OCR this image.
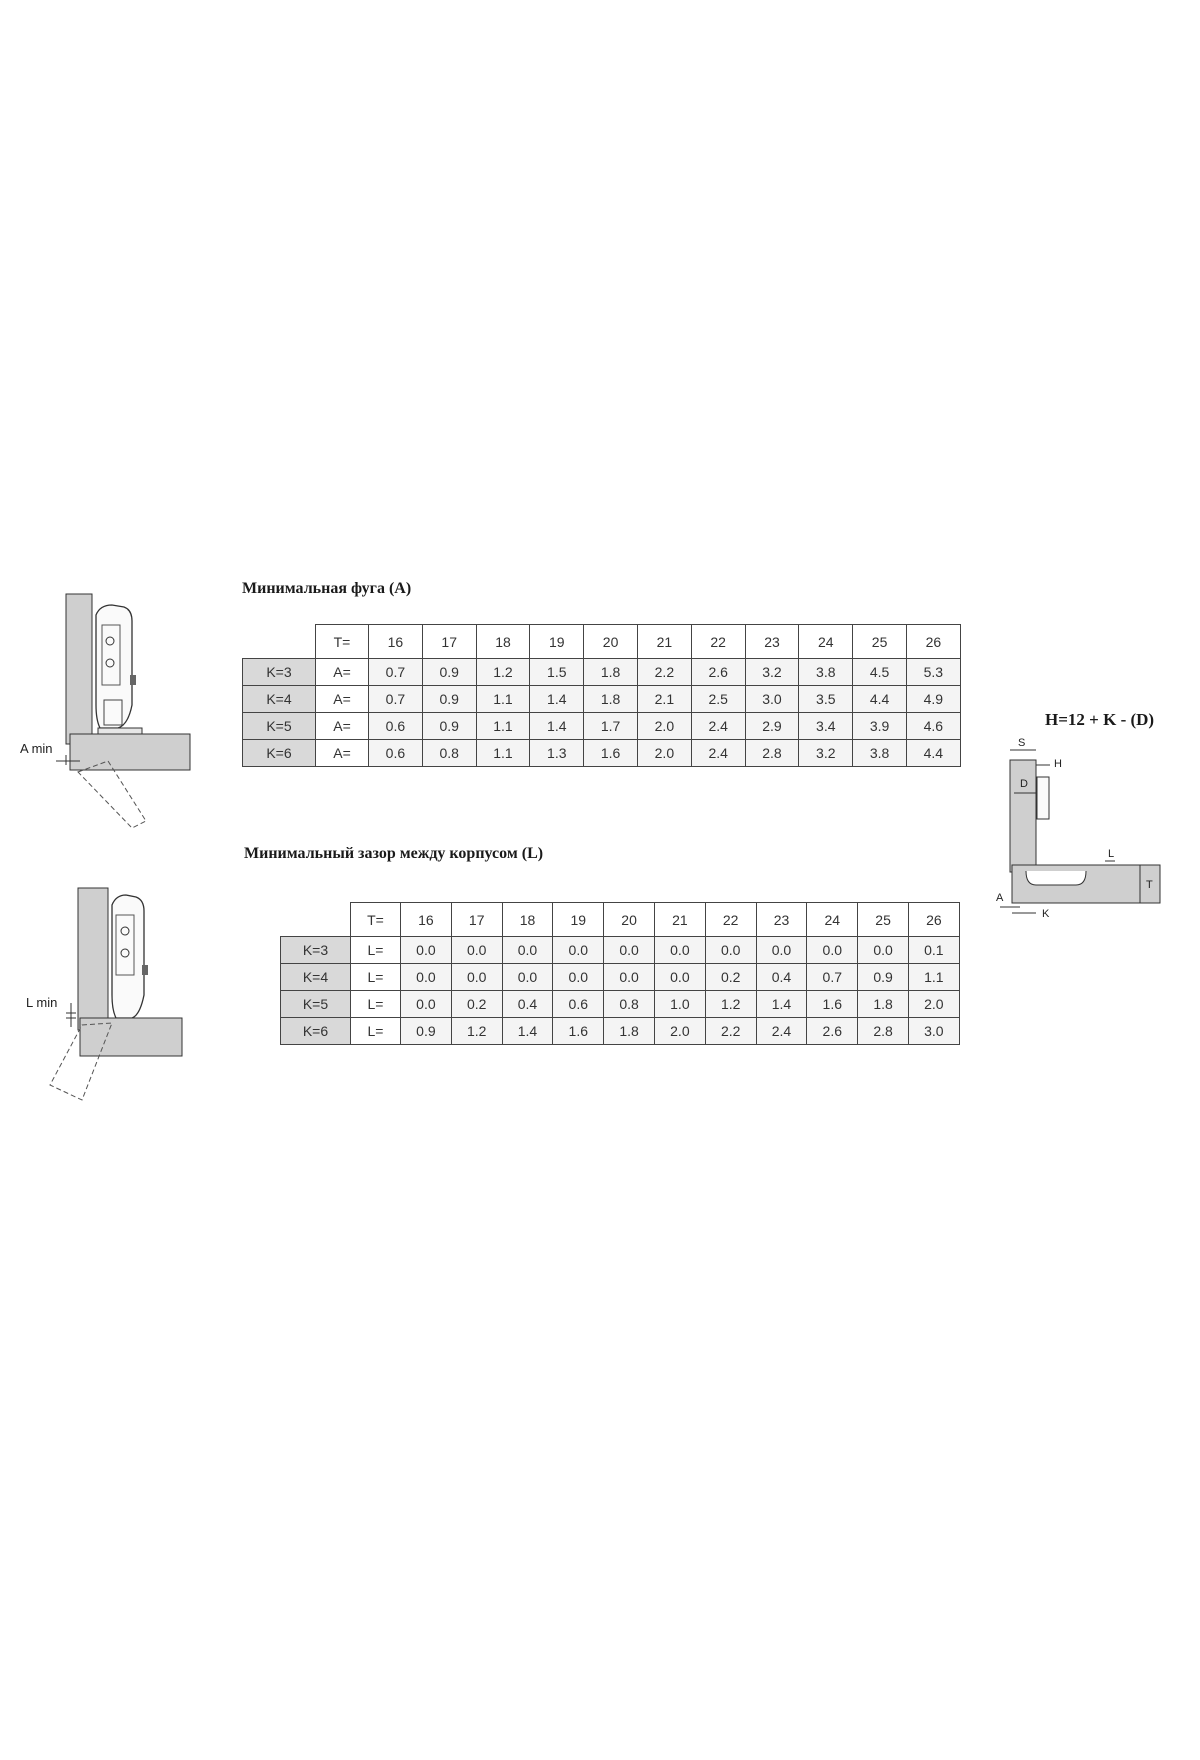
Минимальная фуга (A)
Минимальный зазор между корпусом (L)
H=12 + K - (D)
	T=	16	17	18	19	20	21	22	23	24	25	26
K=3	A=	0.7	0.9	1.2	1.5	1.8	2.2	2.6	3.2	3.8	4.5	5.3
K=4	A=	0.7	0.9	1.1	1.4	1.8	2.1	2.5	3.0	3.5	4.4	4.9
K=5	A=	0.6	0.9	1.1	1.4	1.7	2.0	2.4	2.9	3.4	3.9	4.6
K=6	A=	0.6	0.8	1.1	1.3	1.6	2.0	2.4	2.8	3.2	3.8	4.4
	T=	16	17	18	19	20	21	22	23	24	25	26
K=3	L=	0.0	0.0	0.0	0.0	0.0	0.0	0.0	0.0	0.0	0.0	0.1
K=4	L=	0.0	0.0	0.0	0.0	0.0	0.0	0.2	0.4	0.7	0.9	1.1
K=5	L=	0.0	0.2	0.4	0.6	0.8	1.0	1.2	1.4	1.6	1.8	2.0
K=6	L=	0.9	1.2	1.4	1.6	1.8	2.0	2.2	2.4	2.6	2.8	3.0
A min
L min
S
H
D
L
T
A
K
